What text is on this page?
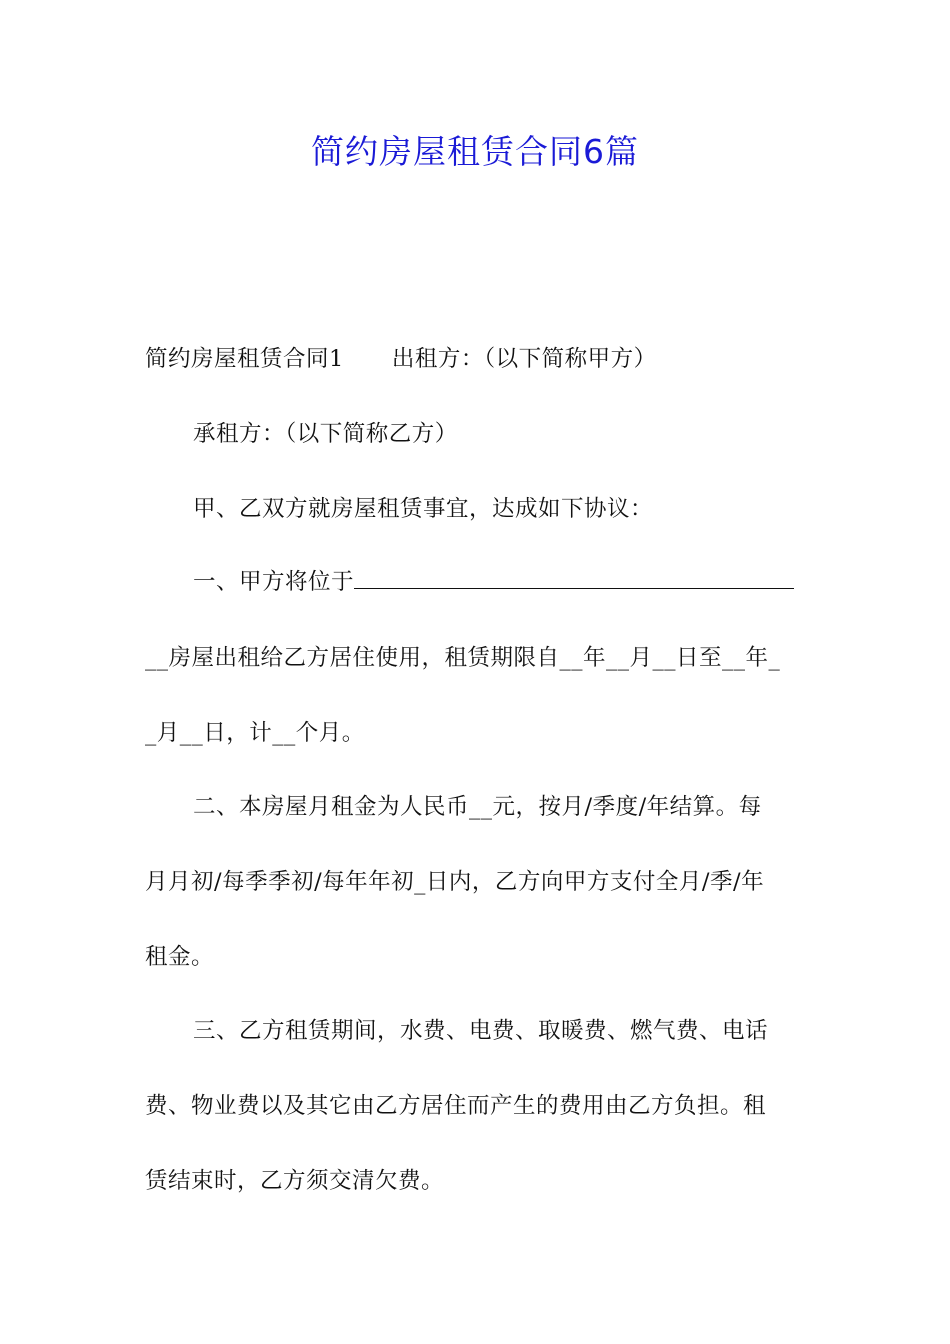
简约房屋租赁合同6篇
简约房屋租赁合同1 出租方：（以下简称甲方）
承租方：（以下简称乙方）
甲、乙双方就房屋租赁事宜，达成如下协议：
一、甲方将位于
__房屋出租给乙方居住使用，租赁期限自__年__月__日至__年_
_月__日，计__个月。
二、本房屋月租金为人民币__元，按月/季度/年结算。每
月月初/每季季初/每年年初_日内，乙方向甲方支付全月/季/年
租金。
三、乙方租赁期间，水费、电费、取暖费、燃气费、电话
费、物业费以及其它由乙方居住而产生的费用由乙方负担。租
赁结束时，乙方须交清欠费。
